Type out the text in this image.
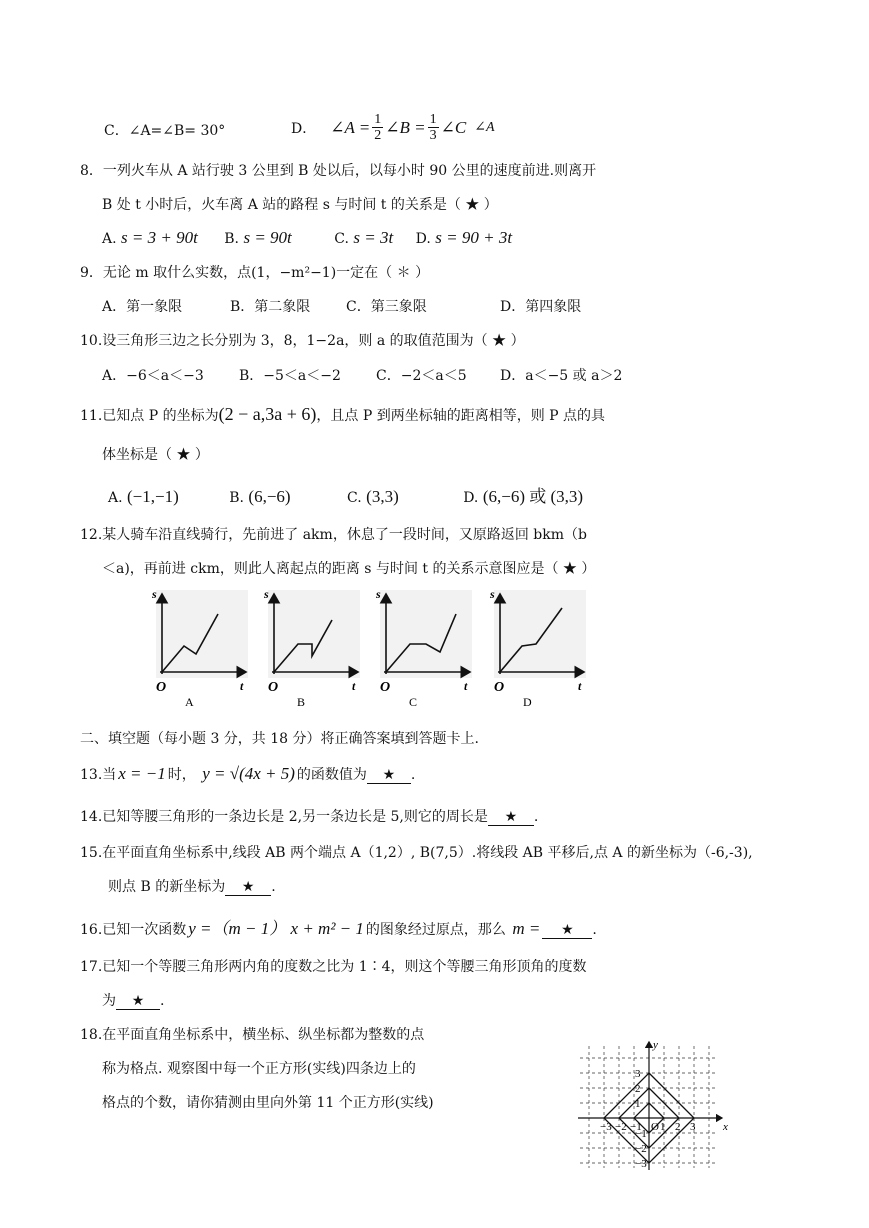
C．∠A=∠B= 30°	D． ∠A = $\frac{1}{2}$ ∠B = $\frac{1}{3}$ ∠C ∠A
8．一列火车从 A 站行驶 3 公里到 B 处以后，以每小时 90 公里的速度前进.则离开
B 处 t 小时后，火车离 A 站的路程 s 与时间 t 的关系是（ ★ ）
A. s = 3 + 90t B. s = 90t	C. s = 3t D. s = 90 + 3t
9．无论 m 取什么实数，点(1，−m²−1)一定在（ ＊ ）
A．第一象限	B．第二象限	C．第三象限	D．第四象限
10.设三角形三边之长分别为 3，8，1−2a，则 a 的取值范围为（ ★ ）
A．−6＜a＜−3	B．−5＜a＜−2	C．−2＜a＜5 D．a＜−5 或 a＞2
11.已知点 P 的坐标为(2 − a,3a + 6)，且点 P 到两坐标轴的距离相等，则 P 点的具
体坐标是（ ★ ）
A. (−1,−1)	B. (6,−6)	C. (3,3)	D. (6,−6) 或 (3,3)
12.某人骑车沿直线骑行，先前进了 akm，休息了一段时间，又原路返回 bkm（b
＜a)，再前进 ckm，则此人离起点的距离 s 与时间 t 的关系示意图应是（ ★ ）
s
t
O
A
s
t
O
B
s
t
O
C
s
t
O
D
二、填空题（每小题 3 分，共 18 分）将正确答案填到答题卡上.
13.当 x = −1 时， y = √(4x + 5) 的函数值为 ★ .
14.已知等腰三角形的一条边长是 2,另一条边长是 5,则它的周长是 ★ .
15.在平面直角坐标系中,线段 AB 两个端点 A（1,2）, B(7,5）.将线段 AB 平移后,点 A 的新坐标为（-6,-3),
则点 B 的新坐标为 ★ .
16.已知一次函数 y =（m − 1） x + m² − 1 的图象经过原点，那么 m = ★ .
17.已知一个等腰三角形两内角的度数之比为 1∶4，则这个等腰三角形顶角的度数
为 ★ .
18.在平面直角坐标系中，横坐标、纵坐标都为整数的点
称为格点. 观察图中每一个正方形(实线)四条边上的
格点的个数，请你猜测由里向外第 11 个正方形(实线)
−3 −2 −1 1 2 3
3
2
1
−1
−2
−3
x
y
O
